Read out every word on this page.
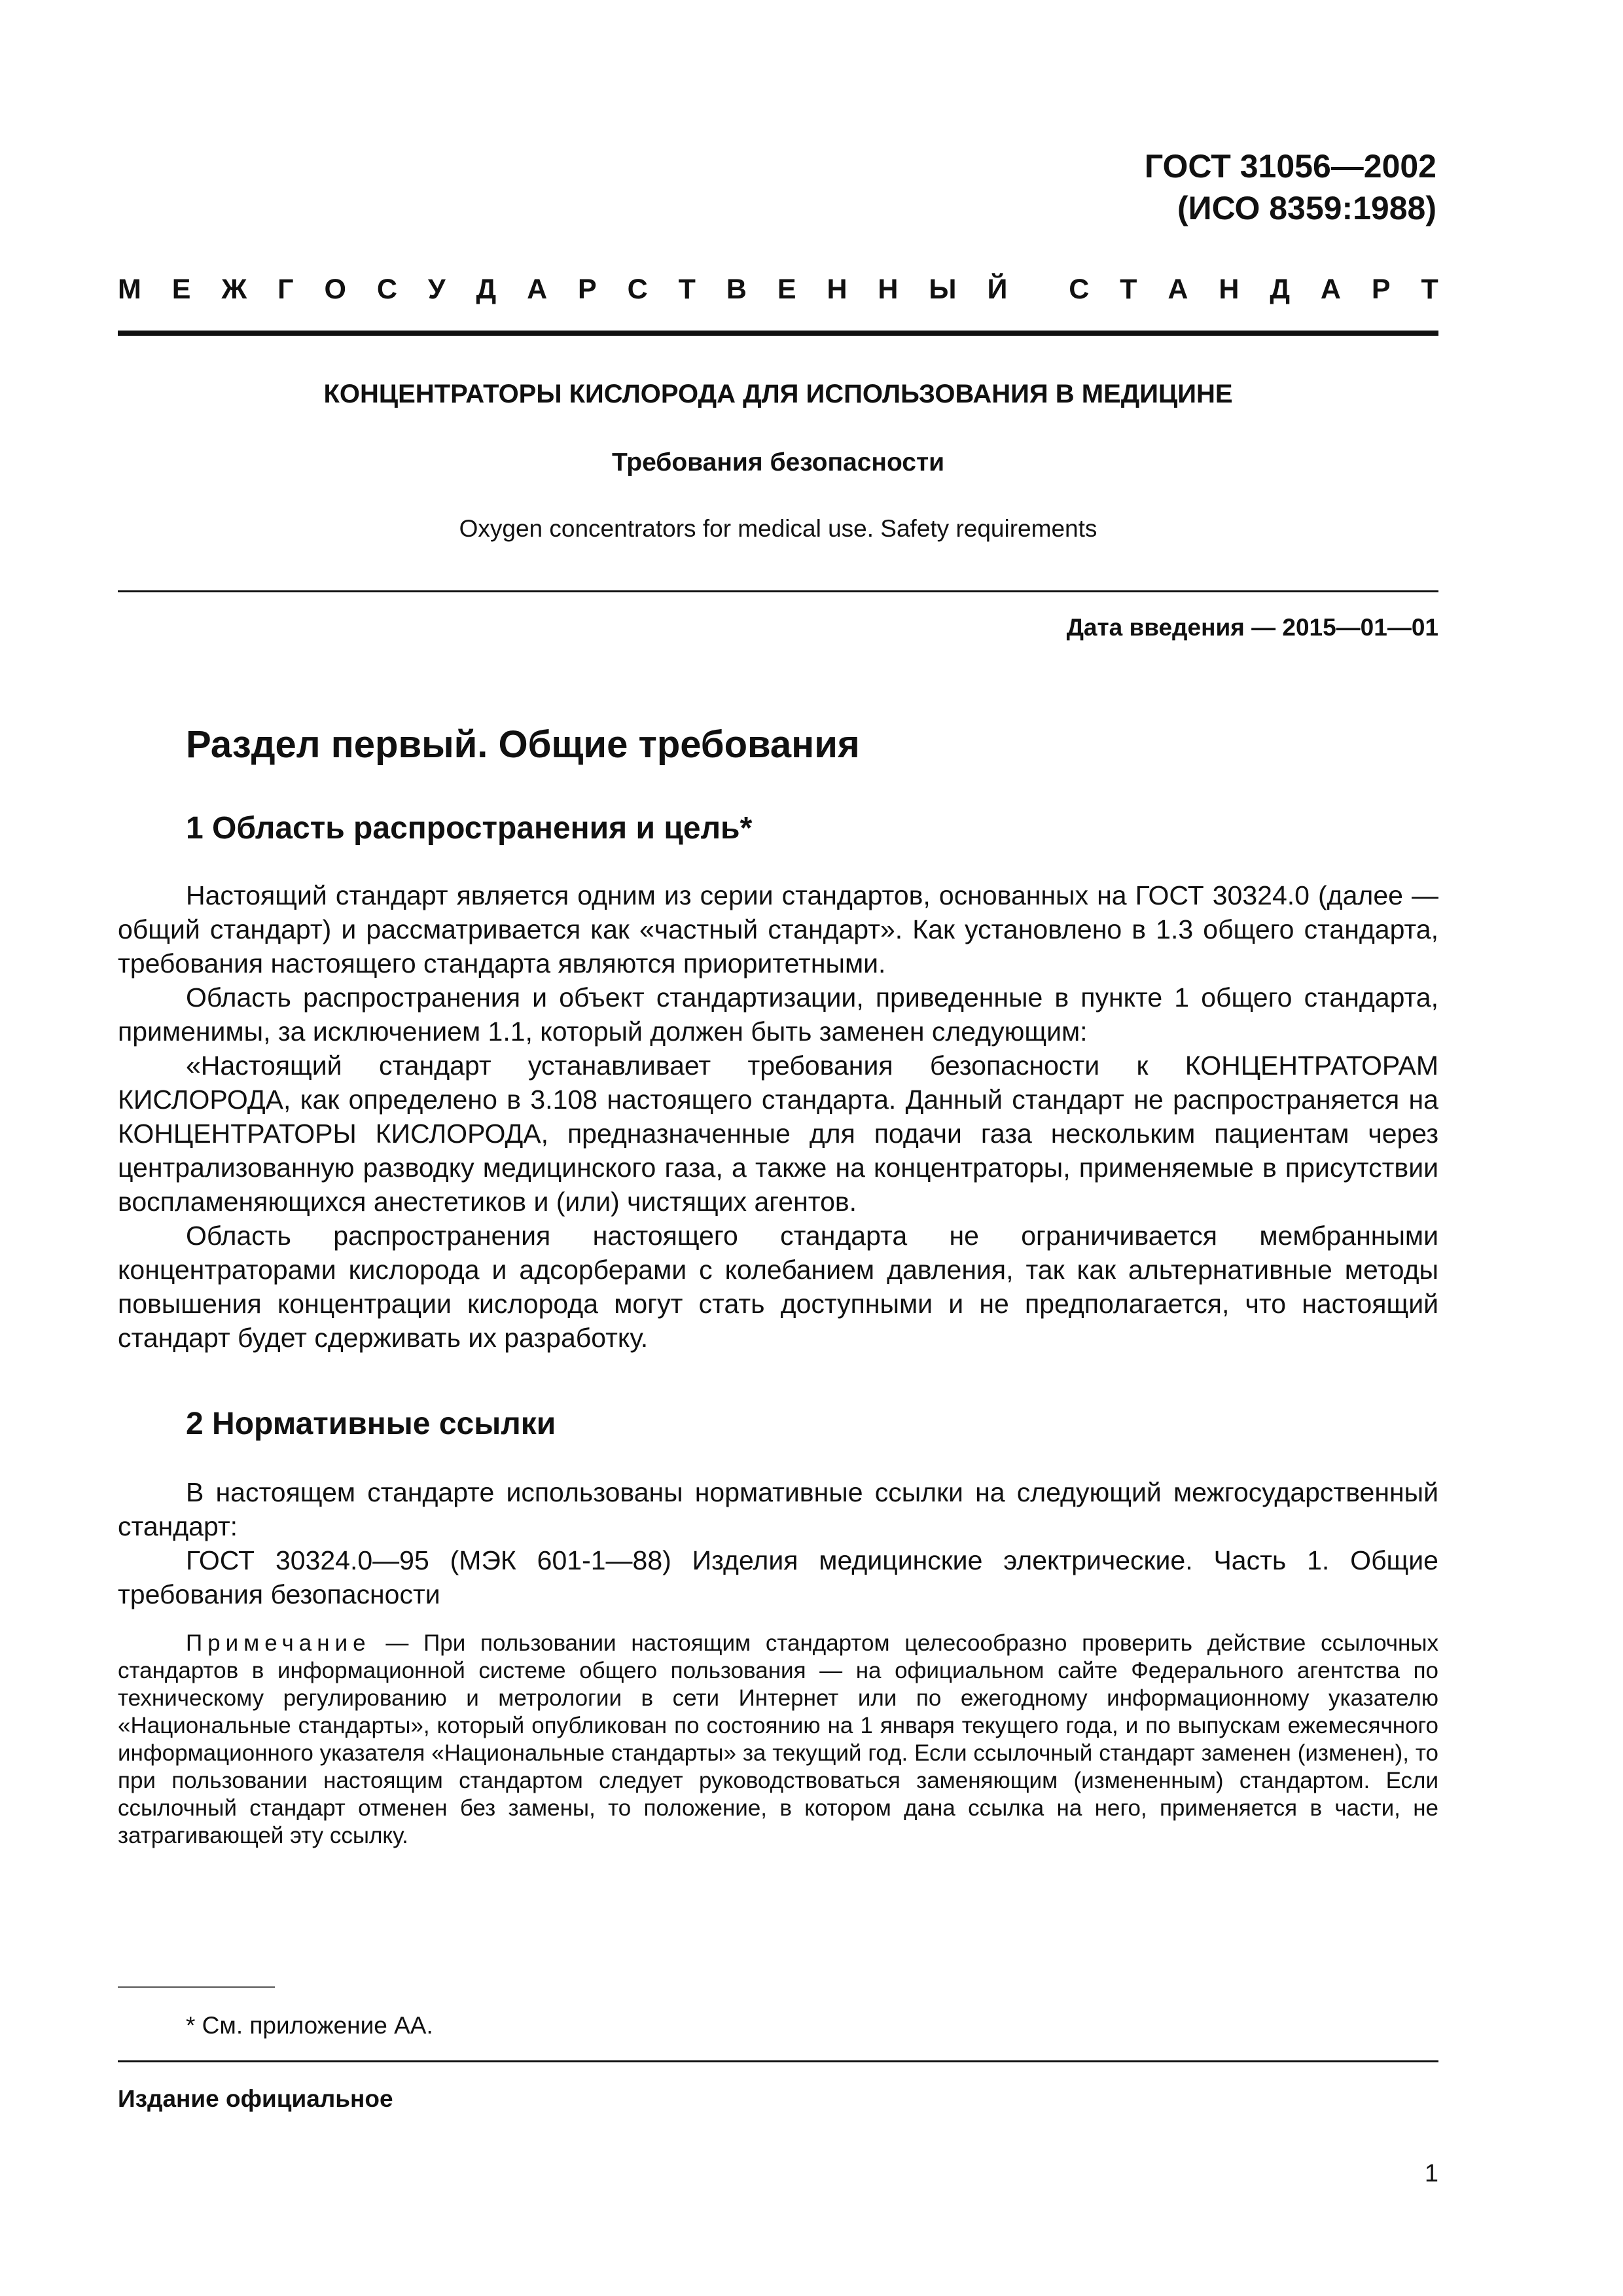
ГОСТ 31056—2002
(ИСО 8359:1988)
М Е Ж Г О С У Д А Р С Т В Е Н Н Ы Й С Т А Н Д А Р Т
КОНЦЕНТРАТОРЫ КИСЛОРОДА ДЛЯ ИСПОЛЬЗОВАНИЯ В МЕДИЦИНЕ
Требования безопасности
Oxygen concentrators for medical use. Safety requirements
Дата введения — 2015—01—01
Раздел первый. Общие требования
1 Область распространения и цель*

Настоящий стандарт является одним из серии стандартов, основанных на ГОСТ 30324.0 (далее — общий стандарт) и рассматривается как «частный стандарт». Как установлено в 1.3 общего стандарта, требования настоящего стандарта являются приоритетными.

Область распространения и объект стандартизации, приведенные в пункте 1 общего стандарта, применимы, за исключением 1.1, который должен быть заменен следующим:

«Настоящий стандарт устанавливает требования безопасности к КОНЦЕНТРАТОРАМ КИСЛОРОДА, как определено в 3.108 настоящего стандарта. Данный стандарт не распространяется на КОНЦЕНТРАТОРЫ КИСЛОРОДА, предназначенные для подачи газа нескольким пациентам через централизованную разводку медицинского газа, а также на концентраторы, применяемые в присутствии воспламеняющихся анестетиков и (или) чистящих агентов.

Область распространения настоящего стандарта не ограничивается мембранными концентраторами кислорода и адсорберами с колебанием давления, так как альтернативные методы повышения концентрации кислорода могут стать доступными и не предполагается, что настоящий стандарт будет сдерживать их разработку.

2 Нормативные ссылки

В настоящем стандарте использованы нормативные ссылки на следующий межгосударственный стандарт:

ГОСТ 30324.0—95 (МЭК 601-1—88) Изделия медицинские электрические. Часть 1. Общие требования безопасности

Примечание — При пользовании настоящим стандартом целесообразно проверить действие ссылочных стандартов в информационной системе общего пользования — на официальном сайте Федерального агентства по техническому регулированию и метрологии в сети Интернет или по ежегодному информационному указателю «Национальные стандарты», который опубликован по состоянию на 1 января текущего года, и по выпускам ежемесячного информационного указателя «Национальные стандарты» за текущий год. Если ссылочный стандарт заменен (изменен), то при пользовании настоящим стандартом следует руководствоваться заменяющим (измененным) стандартом. Если ссылочный стандарт отменен без замены, то положение, в котором дана ссылка на него, применяется в части, не затрагивающей эту ссылку.

* См. приложение АА.
Издание официальное
1
